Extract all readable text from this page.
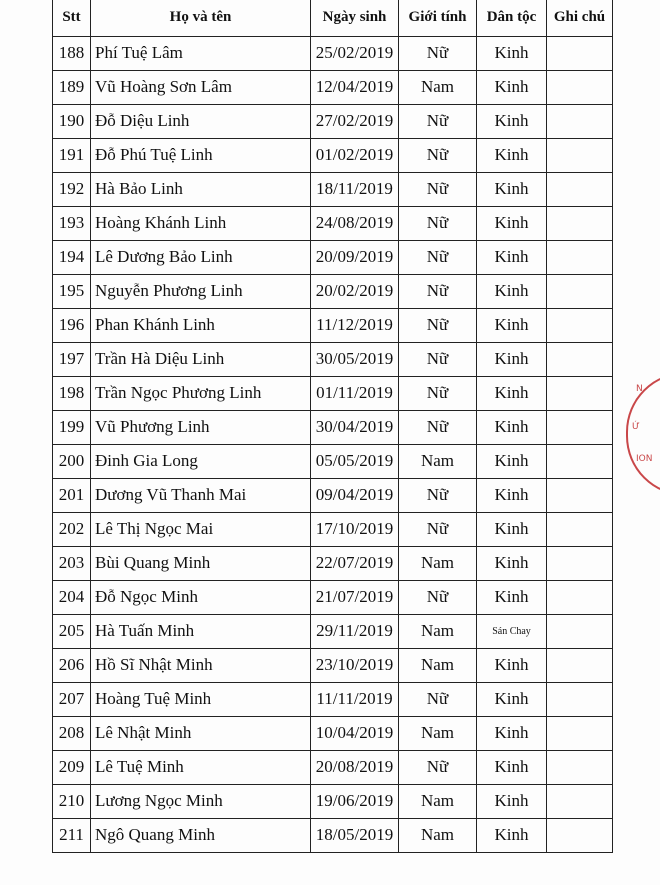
Stt	Họ và tên	Ngày sinh	Giới tính	Dân tộc	Ghi chú
188	Phí Tuệ Lâm	25/02/2019	Nữ	Kinh	
189	Vũ Hoàng Sơn Lâm	12/04/2019	Nam	Kinh	
190	Đỗ Diệu Linh	27/02/2019	Nữ	Kinh	
191	Đỗ Phú Tuệ Linh	01/02/2019	Nữ	Kinh	
192	Hà Bảo Linh	18/11/2019	Nữ	Kinh	
193	Hoàng Khánh Linh	24/08/2019	Nữ	Kinh	
194	Lê Dương Bảo Linh	20/09/2019	Nữ	Kinh	
195	Nguyễn Phương Linh	20/02/2019	Nữ	Kinh	
196	Phan Khánh Linh	11/12/2019	Nữ	Kinh	
197	Trần Hà Diệu Linh	30/05/2019	Nữ	Kinh	
198	Trần Ngọc Phương Linh	01/11/2019	Nữ	Kinh	
199	Vũ Phương Linh	30/04/2019	Nữ	Kinh	
200	Đinh Gia Long	05/05/2019	Nam	Kinh	
201	Dương Vũ Thanh Mai	09/04/2019	Nữ	Kinh	
202	Lê Thị Ngọc Mai	17/10/2019	Nữ	Kinh	
203	Bùi Quang Minh	22/07/2019	Nam	Kinh	
204	Đỗ Ngọc Minh	21/07/2019	Nữ	Kinh	
205	Hà Tuấn Minh	29/11/2019	Nam	Sán Chay	
206	Hồ Sĩ Nhật Minh	23/10/2019	Nam	Kinh	
207	Hoàng Tuệ Minh	11/11/2019	Nữ	Kinh	
208	Lê Nhật Minh	10/04/2019	Nam	Kinh	
209	Lê Tuệ Minh	20/08/2019	Nữ	Kinh	
210	Lương Ngọc Minh	19/06/2019	Nam	Kinh	
211	Ngô Quang Minh	18/05/2019	Nam	Kinh	
N
Ứ
ION
